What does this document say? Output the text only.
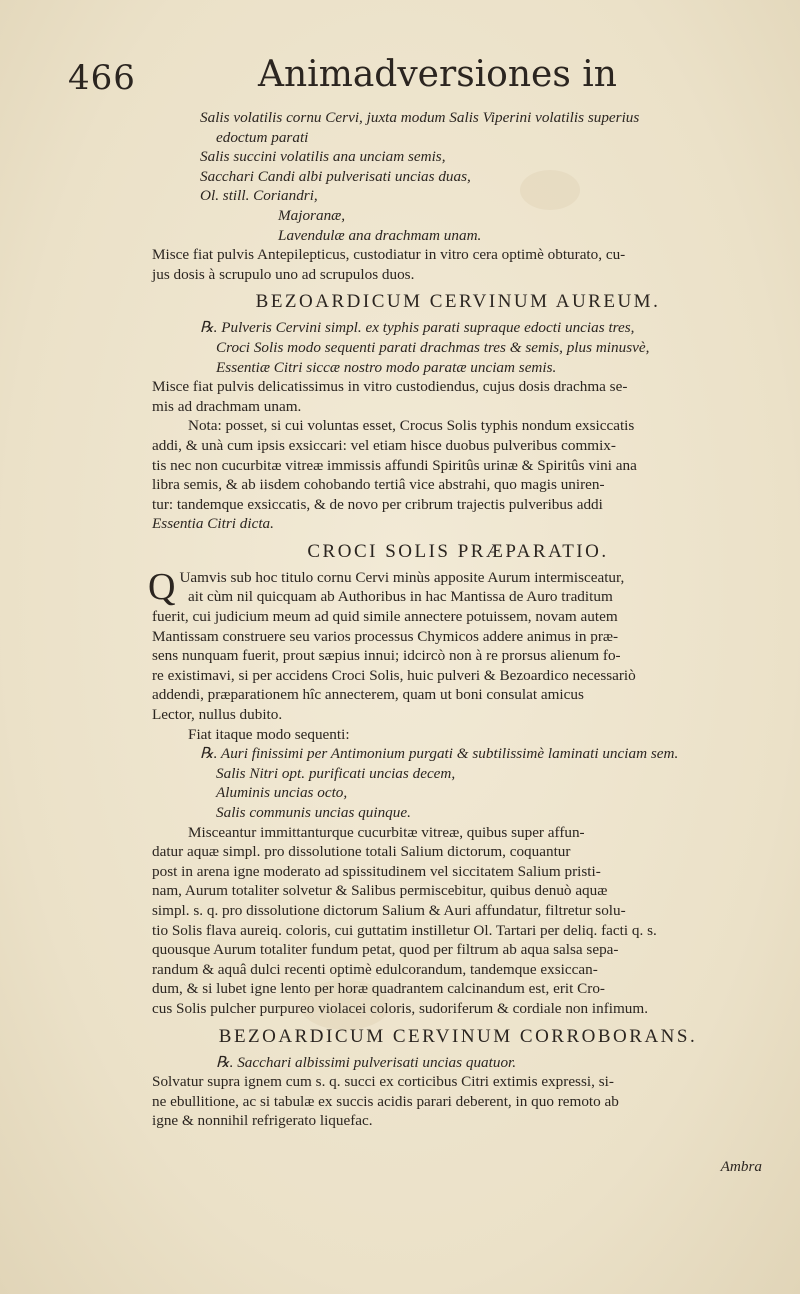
466	Animadversiones in
Salis volatilis cornu Cervi, juxta modum Salis Viperini volatilis superius
edoctum parati
Salis succini volatilis ana unciam semis,
Sacchari Candi albi pulverisati uncias duas,
Ol. still. Coriandri,
Majoranæ,
Lavendulæ ana drachmam unam.
Misce fiat pulvis Antepilepticus, custodiatur in vitro cera optimè obturato, cu-
jus dosis à scrupulo uno ad scrupulos duos.
BEZOARDICUM CERVINUM AUREUM.
℞. Pulveris Cervini simpl. ex typhis parati supraque edocti uncias tres,
Croci Solis modo sequenti parati drachmas tres & semis, plus minusvè,
Essentiæ Citri siccæ nostro modo paratæ unciam semis.
Misce fiat pulvis delicatissimus in vitro custodiendus, cujus dosis drachma se-
mis ad drachmam unam.
Nota: posset, si cui voluntas esset, Crocus Solis typhis nondum exsiccatis
addi, & unà cum ipsis exsiccari: vel etiam hisce duobus pulveribus commix-
tis nec non cucurbitæ vitreæ immissis affundi Spiritûs urinæ & Spiritûs vini ana
libra semis, & ab iisdem cohobando tertiâ vice abstrahi, quo magis uniren-
tur: tandemque exsiccatis, & de novo per cribrum trajectis pulveribus addi
Essentia Citri dicta.
CROCI SOLIS PRÆPARATIO.
Q Uamvis sub hoc titulo cornu Cervi minùs apposite Aurum intermisceatur,
ait cùm nil quicquam ab Authoribus in hac Mantissa de Auro traditum
fuerit, cui judicium meum ad quid simile annectere potuissem, novam autem
Mantissam construere seu varios processus Chymicos addere animus in præ-
sens nunquam fuerit, prout sæpius innui; idcircò non à re prorsus alienum fo-
re existimavi, si per accidens Croci Solis, huic pulveri & Bezoardico necessariò
addendi, præparationem hîc annecterem, quam ut boni consulat amicus
Lector, nullus dubito.
Fiat itaque modo sequenti:
℞. Auri finissimi per Antimonium purgati & subtilissimè laminati unciam sem.
Salis Nitri opt. purificati uncias decem,
Aluminis uncias octo,
Salis communis uncias quinque.
Misceantur immittanturque cucurbitæ vitreæ, quibus super affun-
datur aquæ simpl. pro dissolutione totali Salium dictorum, coquantur
post in arena igne moderato ad spissitudinem vel siccitatem Salium pristi-
nam, Aurum totaliter solvetur & Salibus permiscebitur, quibus denuò aquæ
simpl. s. q. pro dissolutione dictorum Salium & Auri affundatur, filtretur solu-
tio Solis flava aureiq. coloris, cui guttatim instilletur Ol. Tartari per deliq. facti q. s.
quousque Aurum totaliter fundum petat, quod per filtrum ab aqua salsa sepa-
randum & aquâ dulci recenti optimè edulcorandum, tandemque exsiccan-
dum, & si lubet igne lento per horæ quadrantem calcinandum est, erit Cro-
cus Solis pulcher purpureo violacei coloris, sudoriferum & cordiale non infimum.
BEZOARDICUM CERVINUM CORROBORANS.
℞. Sacchari albissimi pulverisati uncias quatuor.
Solvatur supra ignem cum s. q. succi ex corticibus Citri extimis expressi, si-
ne ebullitione, ac si tabulæ ex succis acidis parari deberent, in quo remoto ab
igne & nonnihil refrigerato liquefac.
Ambra
